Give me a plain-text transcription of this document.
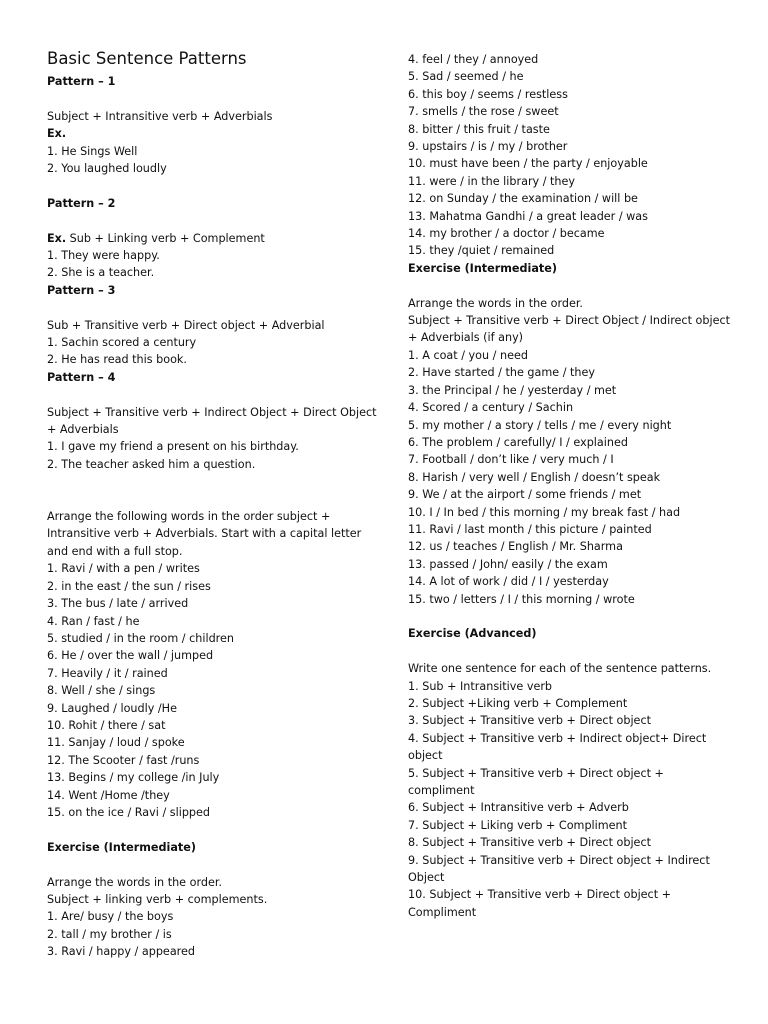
Basic Sentence Patterns
Pattern – 1
Subject + Intransitive verb + Adverbials
Ex.
1. He Sings Well
2. You laughed loudly
Pattern – 2
Ex. Sub + Linking verb + Complement
1. They were happy.
2. She is a teacher.
Pattern – 3
Sub + Transitive verb + Direct object + Adverbial
1. Sachin scored a century
2. He has read this book.
Pattern – 4
Subject + Transitive verb + Indirect Object + Direct Object + Adverbials
1. I gave my friend a present on his birthday.
2. The teacher asked him a question.
Arrange the following words in the order subject + Intransitive verb + Adverbials. Start with a capital letter and end with a full stop.
1. Ravi / with a pen / writes
2. in the east / the sun / rises
3. The bus / late / arrived
4. Ran / fast / he
5. studied / in the room / children
6. He / over the wall / jumped
7. Heavily / it / rained
8. Well / she / sings
9. Laughed / loudly /He
10. Rohit / there / sat
11. Sanjay / loud / spoke
12. The Scooter / fast /runs
13. Begins / my college /in July
14. Went /Home /they
15. on the ice / Ravi / slipped
Exercise (Intermediate)
Arrange the words in the order.
Subject + linking verb + complements.
1. Are/ busy / the boys
2. tall / my brother / is
3. Ravi / happy / appeared
4. feel / they / annoyed
5. Sad / seemed / he
6. this boy / seems / restless
7. smells / the rose / sweet
8. bitter / this fruit / taste
9. upstairs / is / my / brother
10. must have been / the party / enjoyable
11. were / in the library / they
12. on Sunday / the examination / will be
13. Mahatma Gandhi / a great leader / was
14. my brother / a doctor / became
15. they /quiet / remained
Exercise (Intermediate)
Arrange the words in the order.
Subject + Transitive verb + Direct Object / Indirect object + Adverbials (if any)
1. A coat / you / need
2. Have started / the game / they
3. the Principal / he / yesterday / met
4. Scored / a century / Sachin
5. my mother / a story / tells / me / every night
6. The problem / carefully/ I / explained
7. Football / don’t like / very much / I
8. Harish / very well / English / doesn’t speak
9. We / at the airport / some friends / met
10. I / In bed / this morning / my break fast / had
11. Ravi / last month / this picture / painted
12. us / teaches / English / Mr. Sharma
13. passed / John/ easily / the exam
14. A lot of work / did / I / yesterday
15. two / letters / I / this morning / wrote
Exercise (Advanced)
Write one sentence for each of the sentence patterns.
1. Sub + Intransitive verb
2. Subject +Liking verb + Complement
3. Subject + Transitive verb + Direct object
4. Subject + Transitive verb + Indirect object+ Direct object
5. Subject + Transitive verb + Direct object + compliment
6. Subject + Intransitive verb + Adverb
7. Subject + Liking verb + Compliment
8. Subject + Transitive verb + Direct object
9. Subject + Transitive verb + Direct object + Indirect Object
10. Subject + Transitive verb + Direct object + Compliment
